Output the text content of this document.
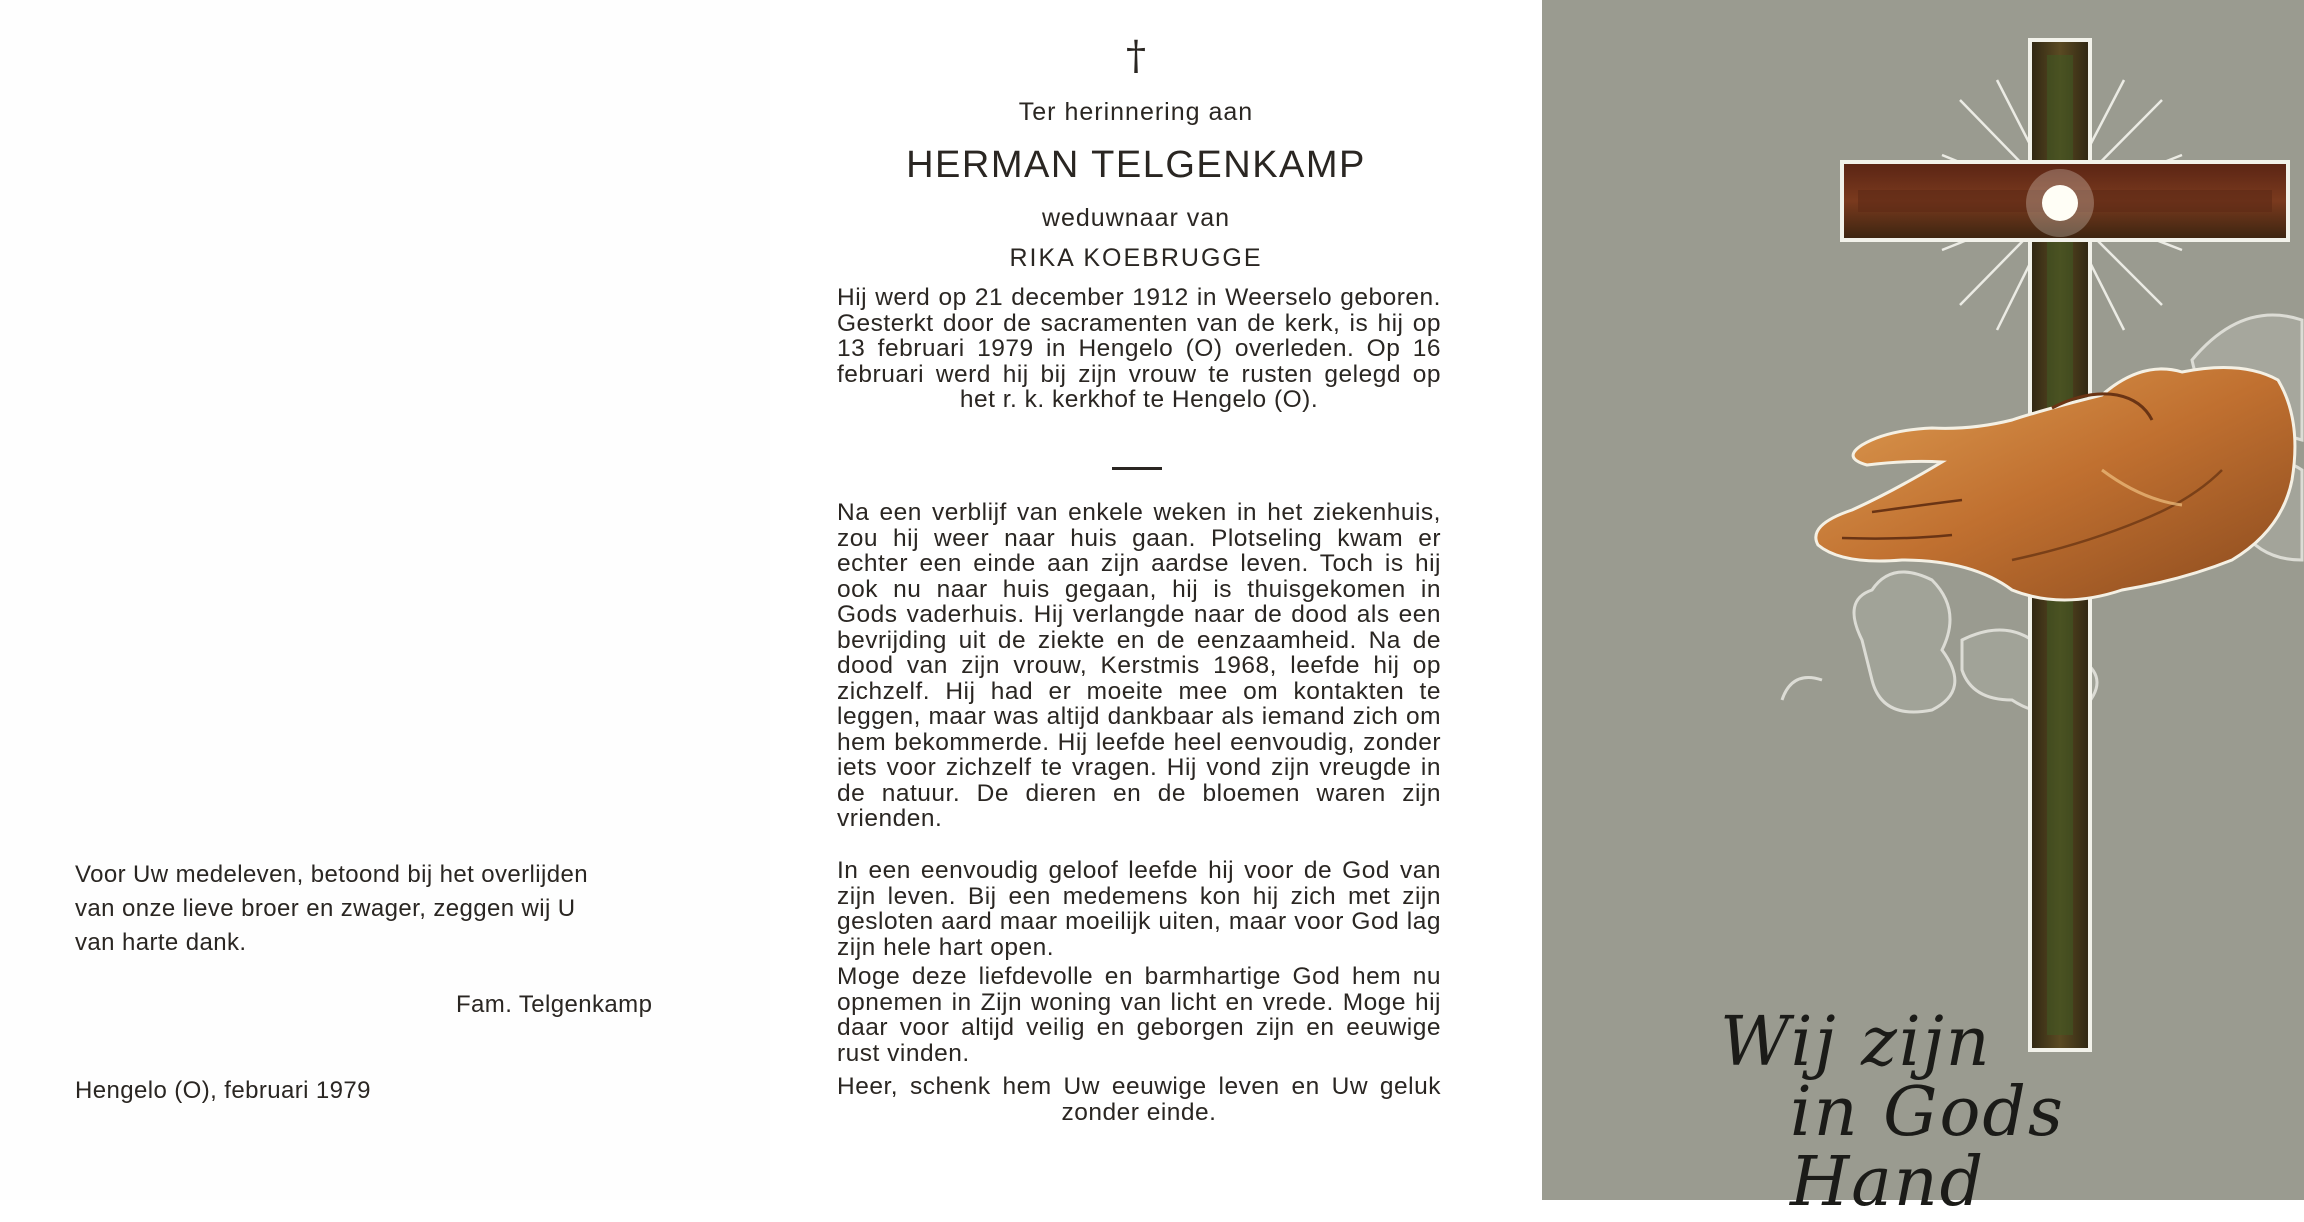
Voor Uw medeleven, betoond bij het overlijden
van onze lieve broer en zwager, zeggen wij U
van harte dank.
Fam. Telgenkamp
Hengelo (O), februari 1979
†
Ter herinnering aan
HERMAN TELGENKAMP
weduwnaar van
RIKA KOEBRUGGE

Hij werd op 21 december 1912 in Weerselo geboren. Gesterkt door de sacramenten van de kerk, is hij op 13 februari 1979 in Hengelo (O) overleden. Op 16 februari werd hij bij zijn vrouw te rusten gelegd op het r. k. kerkhof te Hengelo (O).

Na een verblijf van enkele weken in het ziekenhuis, zou hij weer naar huis gaan. Plotseling kwam er echter een einde aan zijn aardse leven. Toch is hij ook nu naar huis gegaan, hij is thuisgekomen in Gods vaderhuis. Hij verlangde naar de dood als een bevrijding uit de ziekte en de eenzaamheid. Na de dood van zijn vrouw, Kerstmis 1968, leefde hij op zichzelf. Hij had er moeite mee om kontakten te leggen, maar was altijd dankbaar als iemand zich om hem bekommerde. Hij leefde heel eenvoudig, zonder iets voor zichzelf te vragen. Hij vond zijn vreugde in de natuur. De dieren en de bloemen waren zijn vrienden.

In een eenvoudig geloof leefde hij voor de God van zijn leven. Bij een medemens kon hij zich met zijn gesloten aard maar moeilijk uiten, maar voor God lag zijn hele hart open.

Moge deze liefdevolle en barmhartige God hem nu opnemen in Zijn woning van licht en vrede. Moge hij daar voor altijd veilig en geborgen zijn en eeuwige rust vinden.

Heer, schenk hem Uw eeuwige leven en Uw geluk zonder einde.

Wij zijn
in Gods Hand
